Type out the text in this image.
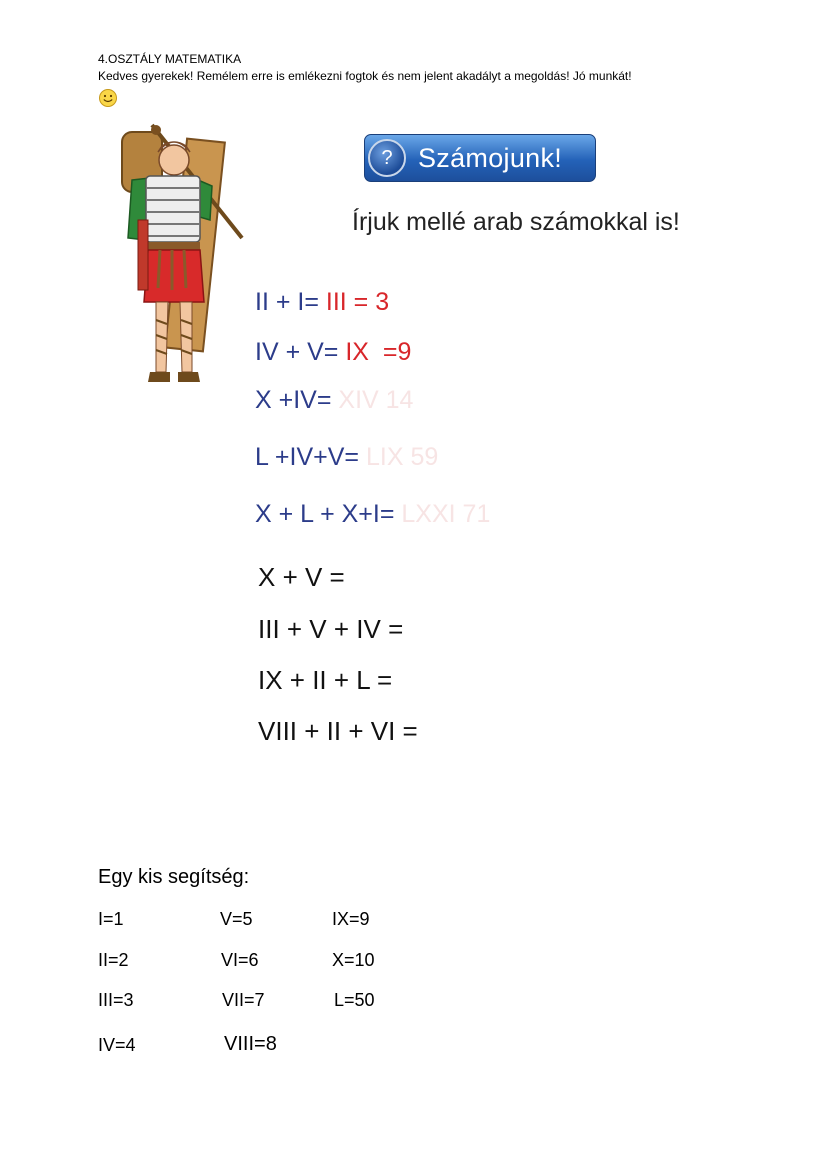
4.OSZTÁLY MATEMATIKA
Kedves gyerekek! Remélem erre is emlékezni fogtok és nem jelent akadályt a megoldás! Jó munkát!
? Számojunk!
Írjuk mellé arab számokkal is!
II + I= III = 3
IV + V= IX  =9
X +IV= XIV 14
L +IV+V= LIX 59
X + L + X+I= LXXI 71
X + V =
III + V + IV =
IX + II + L =
VIII + II + VI =
Egy kis segítség:
I=1
II=2
III=3
IV=4
V=5
VI=6
VII=7
VIII=8
IX=9
X=10
L=50
